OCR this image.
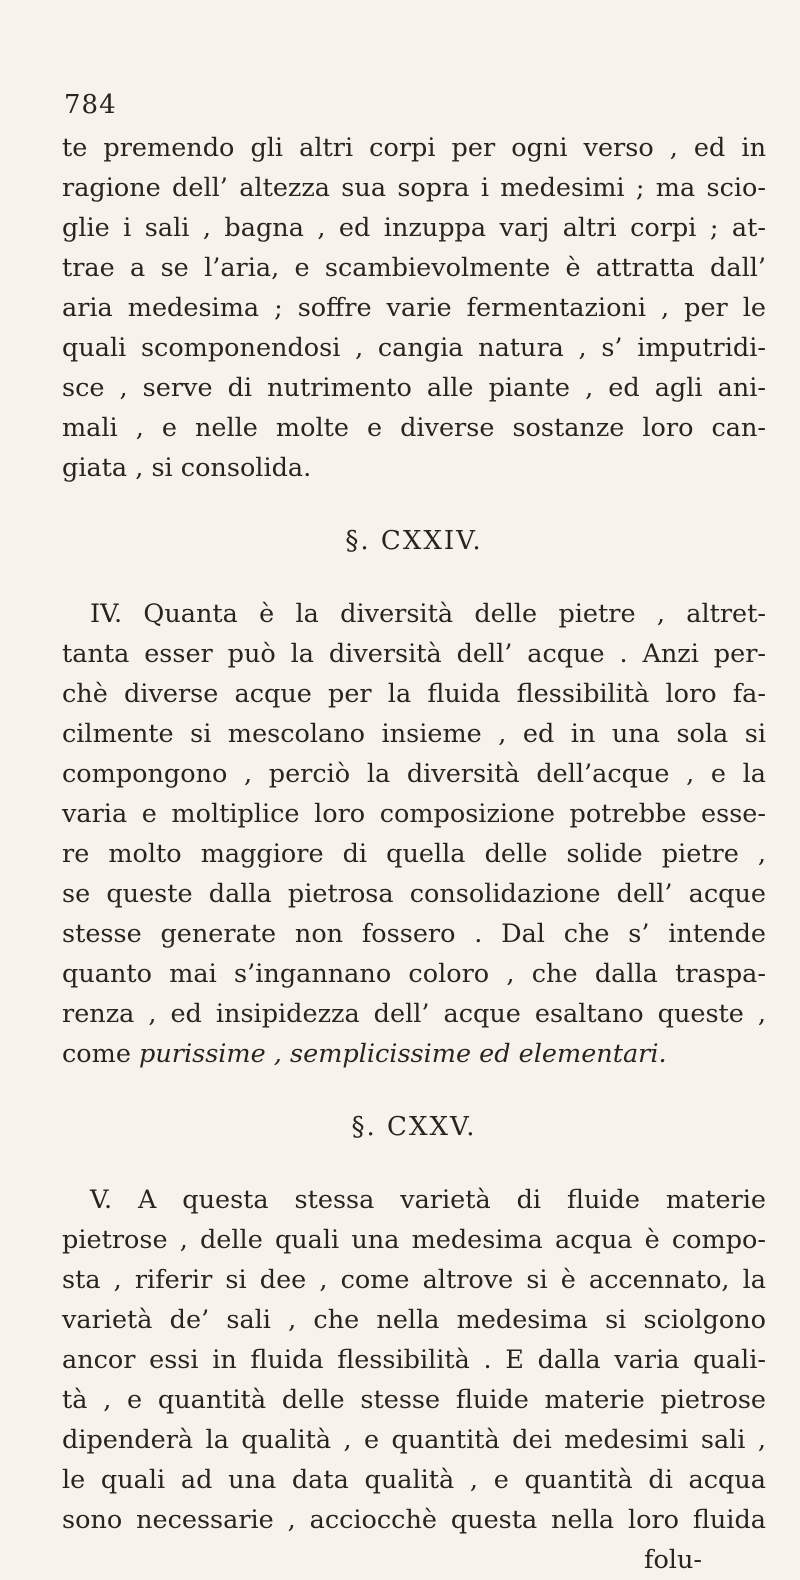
784
te premendo gli altri corpi per ogni verso , ed in
ragione dell’ altezza sua sopra i medesimi ; ma scio-
glie i sali , bagna , ed inzuppa varj altri corpi ; at-
trae a se l’aria, e scambievolmente è attratta dall’
aria medesima ; soffre varie fermentazioni , per le
quali scomponendosi , cangia natura , s’ imputridi-
sce , serve di nutrimento alle piante , ed agli ani-
mali , e nelle molte e diverse sostanze loro can-
giata , si consolida.
§. CXXIV.
IV. Quanta è la diversità delle pietre , altret-
tanta esser può la diversità dell’ acque . Anzi per-
chè diverse acque per la fluida flessibilità loro fa-
cilmente si mescolano insieme , ed in una sola si
compongono , perciò la diversità dell’acque , e la
varia e moltiplice loro composizione potrebbe esse-
re molto maggiore di quella delle solide pietre ,
se queste dalla pietrosa consolidazione dell’ acque
stesse generate non fossero . Dal che s’ intende
quanto mai s’ingannano coloro , che dalla traspa-
renza , ed insipidezza dell’ acque esaltano queste ,
come purissime , semplicissime ed elementari.
§. CXXV.
V. A questa stessa varietà di fluide materie
pietrose , delle quali una medesima acqua è compo-
sta , riferir si dee , come altrove si è accennato, la
varietà de’ sali , che nella medesima si sciolgono
ancor essi in fluida flessibilità . E dalla varia quali-
tà , e quantità delle stesse fluide materie pietrose
dipenderà la qualità , e quantità dei medesimi sali ,
le quali ad una data qualità , e quantità di acqua
sono necessarie , acciocchè questa nella loro fluida
folu-
